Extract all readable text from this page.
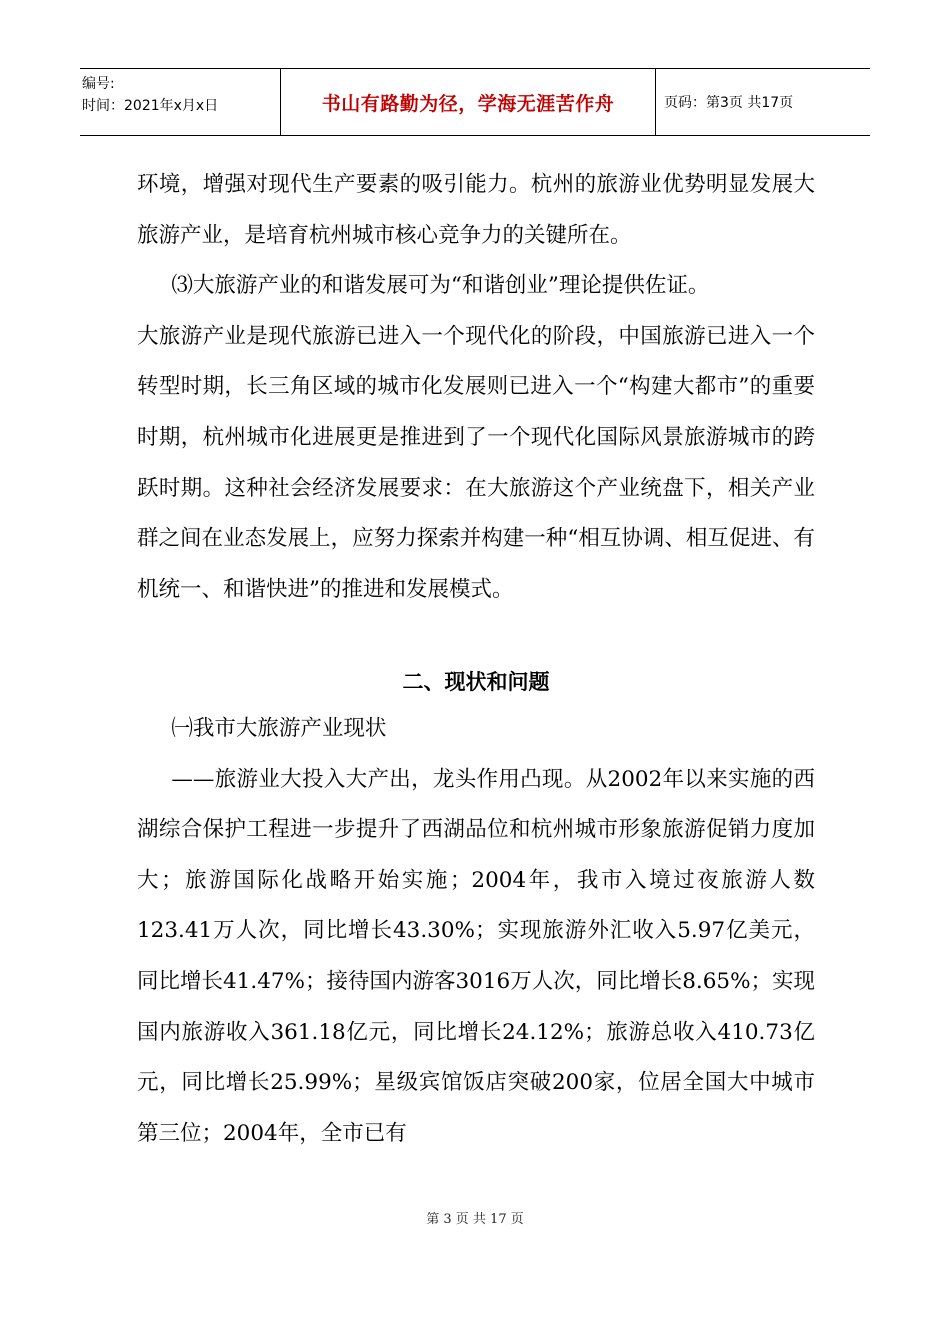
编号:
时间：2021年x月x日	书山有路勤为径，学海无涯苦作舟	页码：第3页 共17页

环境，增强对现代生产要素的吸引能力。杭州的旅游业优势明显发展大旅游产业，是培育杭州城市核心竞争力的关键所在。

⑶大旅游产业的和谐发展可为“和谐创业”理论提供佐证。

大旅游产业是现代旅游已进入一个现代化的阶段，中国旅游已进入一个转型时期，长三角区域的城市化发展则已进入一个“构建大都市”的重要时期，杭州城市化进展更是推进到了一个现代化国际风景旅游城市的跨跃时期。这种社会经济发展要求：在大旅游这个产业统盘下，相关产业群之间在业态发展上，应努力探索并构建一种“相互协调、相互促进、有机统一、和谐快进”的推进和发展模式。

二、现状和问题

㈠我市大旅游产业现状

——旅游业大投入大产出，龙头作用凸现。从2002年以来实施的西湖综合保护工程进一步提升了西湖品位和杭州城市形象旅游促销力度加大；旅游国际化战略开始实施；2004年，我市入境过夜旅游人数123.41万人次，同比增长43.30%；实现旅游外汇收入5.97亿美元，同比增长41.47%；接待国内游客3016万人次，同比增长8.65%；实现国内旅游收入361.18亿元，同比增长24.12%；旅游总收入410.73亿元，同比增长25.99%；星级宾馆饭店突破200家，位居全国大中城市第三位；2004年，全市已有

第 3 页 共 17 页
